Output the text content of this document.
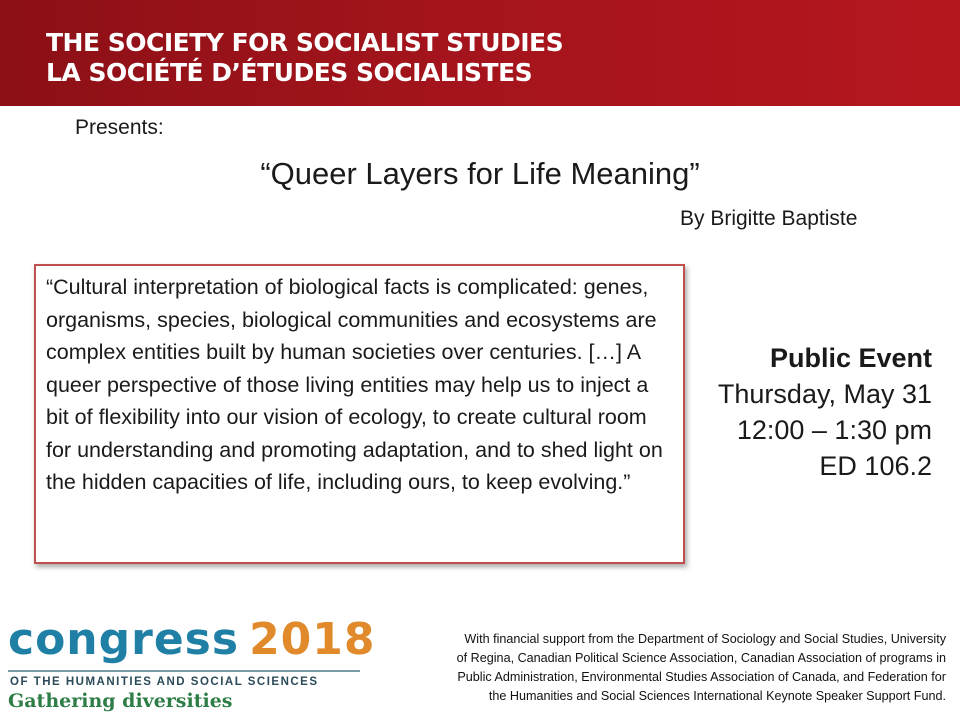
THE SOCIETY FOR SOCIALIST STUDIES
LA SOCIÉTÉ D’ÉTUDES SOCIALISTES
Presents:
“Queer Layers for Life Meaning”
By Brigitte Baptiste
“Cultural interpretation of biological facts is complicated: genes, organisms, species, biological communities and ecosystems are complex entities built by human societies over centuries. […] A queer perspective of those living entities may help us to inject a bit of flexibility into our vision of ecology, to create cultural room for understanding and promoting adaptation, and to shed light on the hidden capacities of life, including ours, to keep evolving.”
Public Event
Thursday, May 31
12:00 – 1:30 pm
ED 106.2
congress 2018
OF THE HUMANITIES AND SOCIAL SCIENCES
Gathering diversities
With financial support from the Department of Sociology and Social Studies, University
of Regina, Canadian Political Science Association, Canadian Association of programs in
Public Administration, Environmental Studies Association of Canada, and Federation for
the Humanities and Social Sciences International Keynote Speaker Support Fund.
